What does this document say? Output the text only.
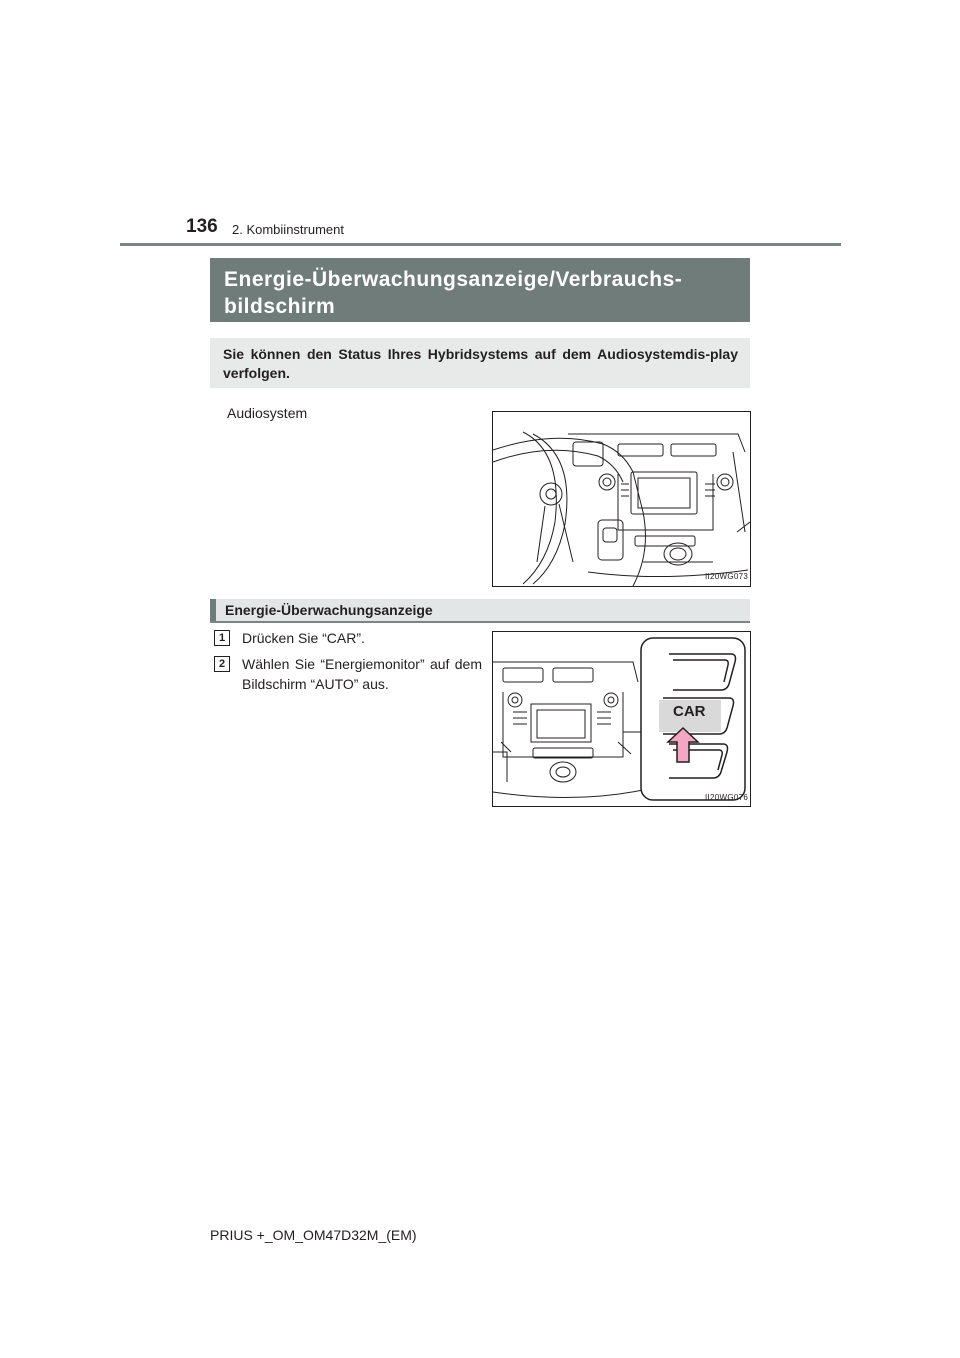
136 2. Kombiinstrument
Energie-Überwachungsanzeige/Verbrauchs-bildschirm
Sie können den Status Ihres Hybridsystems auf dem Audiosystemdis-play verfolgen.
Audiosystem
II20WG073
Energie-Überwachungsanzeige
1	Drücken Sie “CAR”.
2	Wählen Sie “Energiemonitor” auf dem Bildschirm “AUTO” aus.
CAR
II20WG076
PRIUS +_OM_OM47D32M_(EM)
